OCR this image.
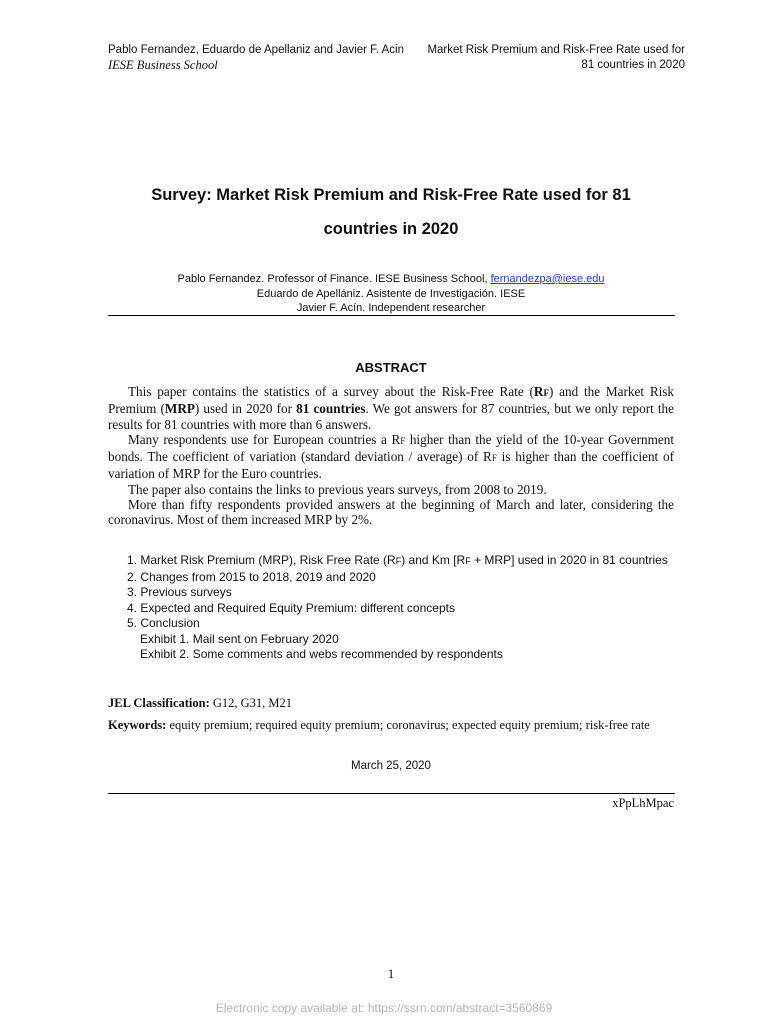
Pablo Fernandez, Eduardo de Apellaniz and Javier F. Acin
IESE Business School
Market Risk Premium and Risk-Free Rate used for
81 countries in 2020
Survey: Market Risk Premium and Risk-Free Rate used for 81
countries in 2020
Pablo Fernandez. Professor of Finance. IESE Business School, fernandezpa@iese.edu
Eduardo de Apellániz. Asistente de Investigación. IESE
Javier F. Acín. Independent researcher
ABSTRACT

This paper contains the statistics of a survey about the Risk-Free Rate (RF) and the Market Risk Premium (MRP) used in 2020 for 81 countries. We got answers for 87 countries, but we only report the results for 81 countries with more than 6 answers.

Many respondents use for European countries a RF higher than the yield of the 10-year Government bonds. The coefficient of variation (standard deviation / average) of RF is higher than the coefficient of variation of MRP for the Euro countries.

The paper also contains the links to previous years surveys, from 2008 to 2019.

More than fifty respondents provided answers at the beginning of March and later, considering the coronavirus. Most of them increased MRP by 2%.

1. Market Risk Premium (MRP), Risk Free Rate (RF) and Km [RF + MRP] used in 2020 in 81 countries
2. Changes from 2015 to 2018, 2019 and 2020
3. Previous surveys
4. Expected and Required Equity Premium: different concepts
5. Conclusion
Exhibit 1. Mail sent on February 2020
Exhibit 2. Some comments and webs recommended by respondents
JEL Classification: G12, G31, M21
Keywords: equity premium; required equity premium; coronavirus; expected equity premium; risk-free rate
March 25, 2020
xPpLhMpac
1
Electronic copy available at: https://ssrn.com/abstract=3560869
